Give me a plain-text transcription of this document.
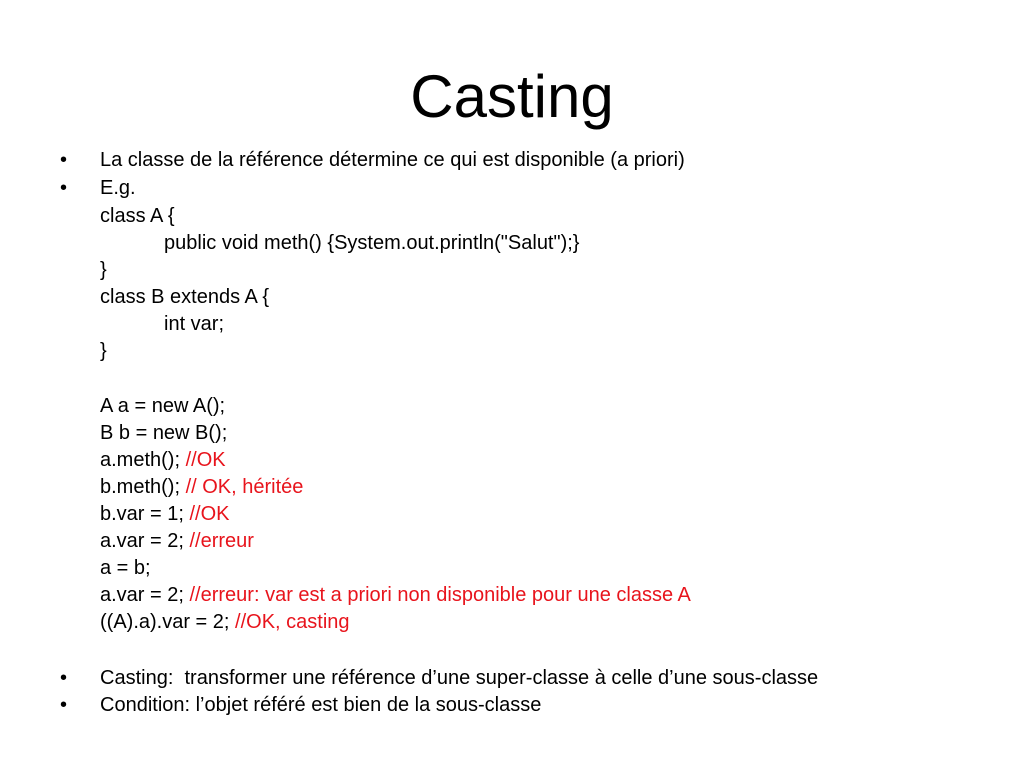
Casting
• La classe de la référence détermine ce qui est disponible (a priori)
• E.g.
class A {
public void meth() {System.out.println("Salut");}
}
class B extends A {
int var;
}
A a = new A();
B b = new B();
a.meth(); //OK
b.meth(); // OK, héritée
b.var = 1; //OK
a.var = 2; //erreur
a = b;
a.var = 2; //erreur: var est a priori non disponible pour une classe A
((A).a).var = 2; //OK, casting
• Casting:  transformer une référence d’une super-classe à celle d’une sous-classe
• Condition: l’objet référé est bien de la sous-classe
